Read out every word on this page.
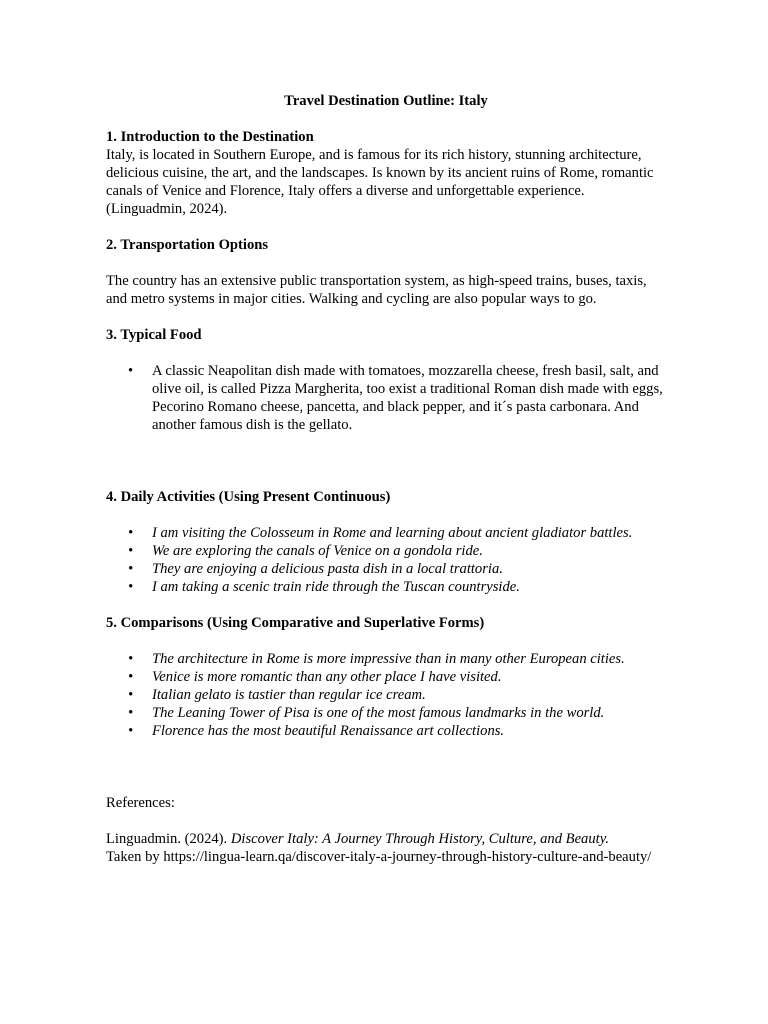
Travel Destination Outline: Italy

1. Introduction to the Destination

Italy, is located in Southern Europe, and is famous for its rich history, stunning architecture, delicious cuisine, the art, and the landscapes. Is known by its ancient ruins of Rome, romantic canals of Venice and Florence, Italy offers a diverse and unforgettable experience. (Linguadmin, 2024).

2. Transportation Options

The country has an extensive public transportation system, as high-speed trains, buses, taxis, and metro systems in major cities. Walking and cycling are also popular ways to go.

3. Typical Food

• A classic Neapolitan dish made with tomatoes, mozzarella cheese, fresh basil, salt, and olive oil, is called Pizza Margherita, too exist a traditional Roman dish made with eggs, Pecorino Romano cheese, pancetta, and black pepper, and it´s pasta carbonara. And another famous dish is the gellato.

4. Daily Activities (Using Present Continuous)

• I am visiting the Colosseum in Rome and learning about ancient gladiator battles.
• We are exploring the canals of Venice on a gondola ride.
• They are enjoying a delicious pasta dish in a local trattoria.
• I am taking a scenic train ride through the Tuscan countryside.

5. Comparisons (Using Comparative and Superlative Forms)

• The architecture in Rome is more impressive than in many other European cities.
• Venice is more romantic than any other place I have visited.
• Italian gelato is tastier than regular ice cream.
• The Leaning Tower of Pisa is one of the most famous landmarks in the world.
• Florence has the most beautiful Renaissance art collections.

References:

Linguadmin. (2024). Discover Italy: A Journey Through History, Culture, and Beauty.
Taken by https://lingua-learn.qa/discover-italy-a-journey-through-history-culture-and-beauty/
